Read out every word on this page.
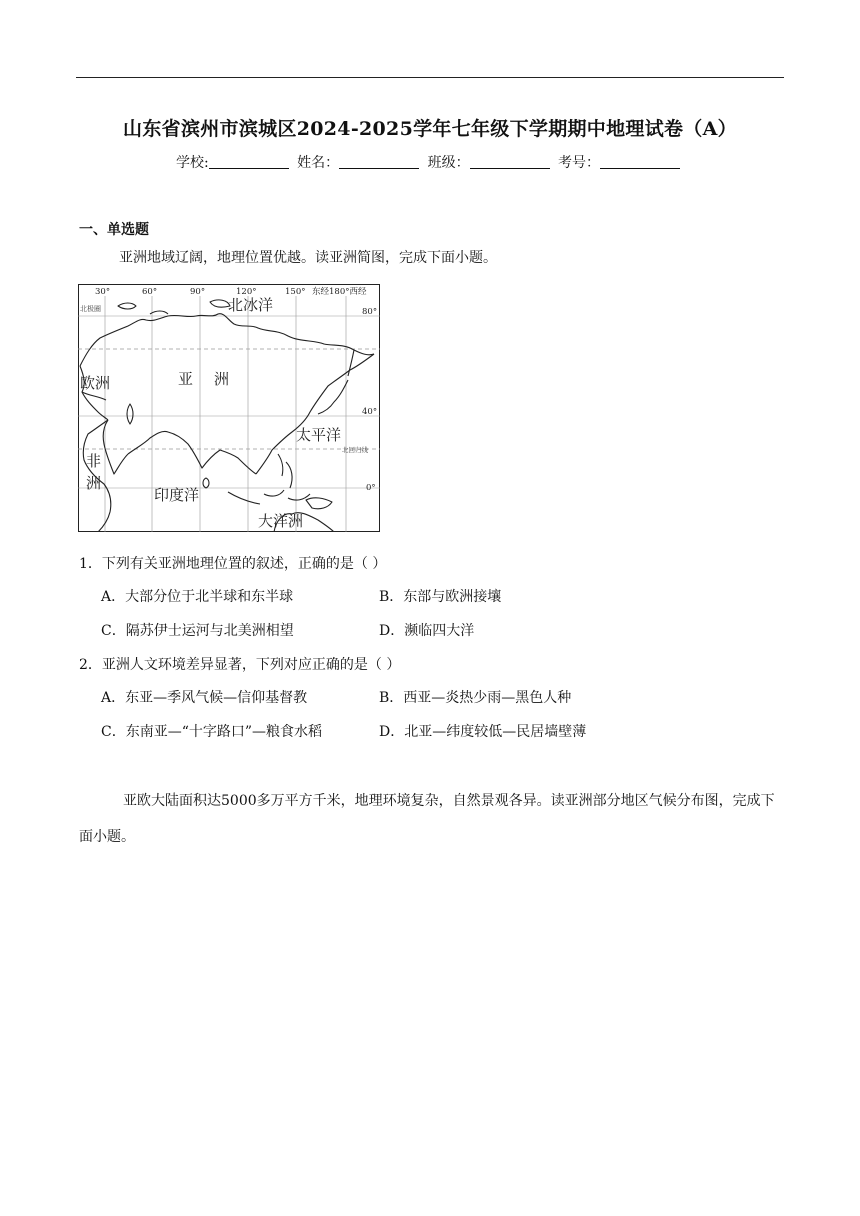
山东省滨州市滨城区2024-2025学年七年级下学期期中地理试卷（A）
学校:	姓名：	班级：	考号：
一、单选题
亚洲地域辽阔，地理位置优越。读亚洲简图，完成下面小题。
30°	60°	90°	120°	150° 东经180°西经
80°
40°
0°
北极圈
北回归线
北冰洋
欧洲	亚 洲
太平洋
非
洲
印度洋
大洋洲
1．下列有关亚洲地理位置的叙述，正确的是（ ）
A．大部分位于北半球和东半球	B．东部与欧洲接壤
C．隔苏伊士运河与北美洲相望	D．濒临四大洋
2．亚洲人文环境差异显著，下列对应正确的是（ ）
A．东亚—季风气候—信仰基督教	B．西亚—炎热少雨—黑色人种
C．东南亚—“十字路口”—粮食水稻	D．北亚—纬度较低—民居墙壁薄
亚欧大陆面积达5000多万平方千米，地理环境复杂，自然景观各异。读亚洲部分地区气候分布图，完成下面小题。
